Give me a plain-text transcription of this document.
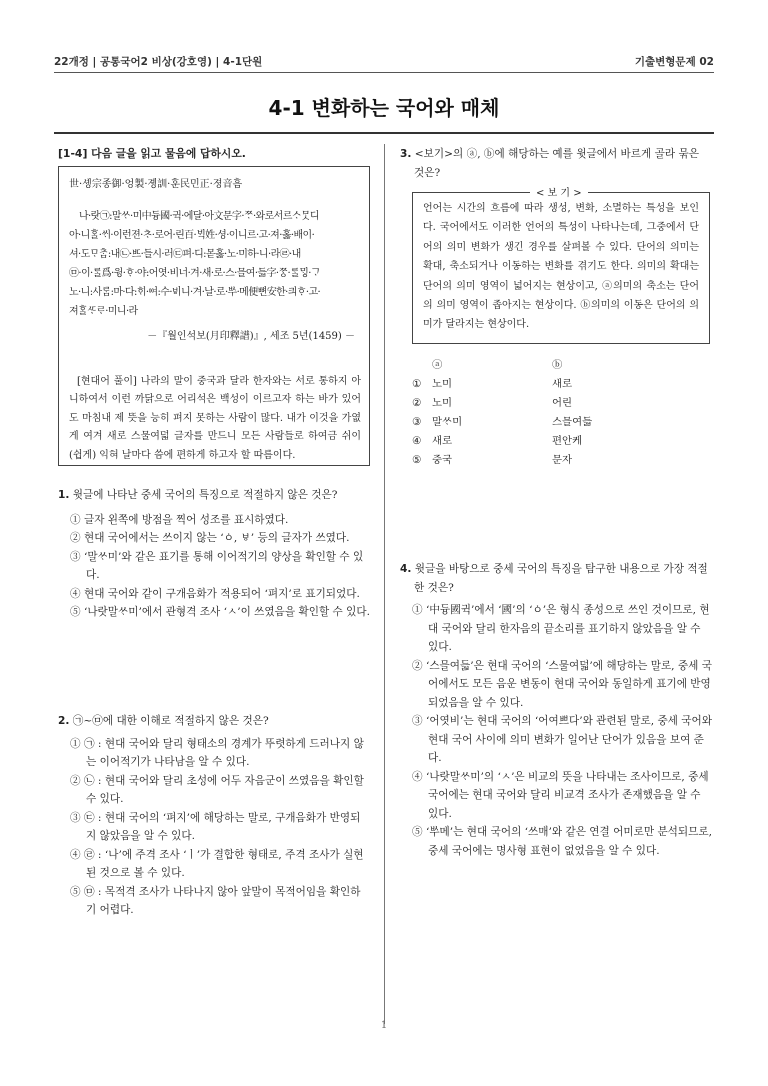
22개정 | 공통국어2 비상(강호영) | 4-1단원	기출변형문제 02
4-1 변화하는 국어와 매체
[1-4] 다음 글을 읽고 물음에 답하시오.

世·솅宗종御·엉製·졩訓·훈民민正·졍音흠

나·랏㉠:말ᄊᆞ·미中듕國·귁·에달·아文문字·ᄍᆞ·와로서르ᄉᆞᄆᆞᆺ디

아·니ᄒᆞᆯ·ᄊᆡ·이런젼·ᄎᆞ·로어·린百·ᄇᆡᆨ姓·셩·이니르·고·져·홇·배이·

셔·도ᄆᆞᄎᆞᆷ:내㉡·ᄠᅳ·들시·러㉢펴·디:몯홇·노·미하·니·라㉣·내

㉤·이·ᄅᆞᆯ爲·윙·ᄒᆞ·야:어엿·비너·겨·새·로·스·믈여·듧字·ᄍᆞᆼ·ᄅᆞᆯᄆᆡᇰ·ᄀᆞ

노·니:사ᄅᆞᆷ:마·다:ᄒᆡ·ᅇᅧ:수·ᄫᅵ니·겨·날·로·ᄡᅮ·메便뼌安한·킈ᄒᆞ·고·

져ᄒᆞᆯᄯᆞᄅᆞ·미니·라

－『월인석보(月印釋譜)』, 세조 5년(1459) －

[현대어 풀이] 나라의 말이 중국과 달라 한자와는 서로 통하지 아니하여서 이런 까닭으로 어리석은 백성이 이르고자 하는 바가 있어도 마침내 제 뜻을 능히 펴지 못하는 사람이 많다. 내가 이것을 가엾게 여겨 새로 스물여덟 글자를 만드니 모든 사람들로 하여금 쉬이(쉽게) 익혀 날마다 씀에 편하게 하고자 할 따름이다.

1. 윗글에 나타난 중세 국어의 특징으로 적절하지 않은 것은?
① 글자 왼쪽에 방점을 찍어 성조를 표시하였다.
② 현대 국어에서는 쓰이지 않는 ‘ㆁ, ㅸ’ 등의 글자가 쓰였다.
③ ‘말ᄊᆞ미’와 같은 표기를 통해 이어적기의 양상을 확인할 수 있다.
④ 현대 국어와 같이 구개음화가 적용되어 ‘펴지’로 표기되었다.
⑤ ‘나랏말ᄊᆞ미’에서 관형격 조사 ‘ㅅ’이 쓰였음을 확인할 수 있다.
2. ㉠~㉤에 대한 이해로 적절하지 않은 것은?
① ㉠ : 현대 국어와 달리 형태소의 경계가 뚜렷하게 드러나지 않는 이어적기가 나타남을 알 수 있다.
② ㉡ : 현대 국어와 달리 초성에 어두 자음군이 쓰였음을 확인할 수 있다.
③ ㉢ : 현대 국어의 ‘펴지’에 해당하는 말로, 구개음화가 반영되지 않았음을 알 수 있다.
④ ㉣ : ‘나’에 주격 조사 ‘ㅣ’가 결합한 형태로, 주격 조사가 실현된 것으로 볼 수 있다.
⑤ ㉤ : 목적격 조사가 나타나지 않아 앞말이 목적어임을 확인하기 어렵다.
3. <보기>의 ⓐ, ⓑ에 해당하는 예를 윗글에서 바르게 골라 묶은 것은?
언어는 시간의 흐름에 따라 생성, 변화, 소멸하는 특성을 보인다. 국어에서도 이러한 언어의 특성이 나타나는데, 그중에서 단어의 의미 변화가 생긴 경우를 살펴볼 수 있다. 단어의 의미는 확대, 축소되거나 이동하는 변화를 겪기도 한다. 의미의 확대는 단어의 의미 영역이 넓어지는 현상이고, ⓐ의미의 축소는 단어의 의미 영역이 좁아지는 현상이다. ⓑ의미의 이동은 단어의 의미가 달라지는 현상이다.
< 보 기 >
	ⓐ	ⓑ
①	노미	새로
②	노미	어린
③	말ᄊᆞ미	스믈여듧
④	새로	편안케
⑤	중국	문자
4. 윗글을 바탕으로 중세 국어의 특징을 탐구한 내용으로 가장 적절한 것은?
① ‘中듕國귁’에서 ‘國’의 ‘ㆁ’은 형식 종성으로 쓰인 것이므로, 현대 국어와 달리 한자음의 끝소리를 표기하지 않았음을 알 수 있다.
② ‘스믈여듧’은 현대 국어의 ‘스물여덟’에 해당하는 말로, 중세 국어에서도 모든 음운 변동이 현대 국어와 동일하게 표기에 반영되었음을 알 수 있다.
③ ‘어엿비’는 현대 국어의 ‘어여쁘다’와 관련된 말로, 중세 국어와 현대 국어 사이에 의미 변화가 일어난 단어가 있음을 보여 준다.
④ ‘나랏말ᄊᆞ미’의 ‘ㅅ’은 비교의 뜻을 나타내는 조사이므로, 중세 국어에는 현대 국어와 달리 비교격 조사가 존재했음을 알 수 있다.
⑤ ‘ᄡᅮ메’는 현대 국어의 ‘쓰매’와 같은 연결 어미로만 분석되므로, 중세 국어에는 명사형 표현이 없었음을 알 수 있다.
1
